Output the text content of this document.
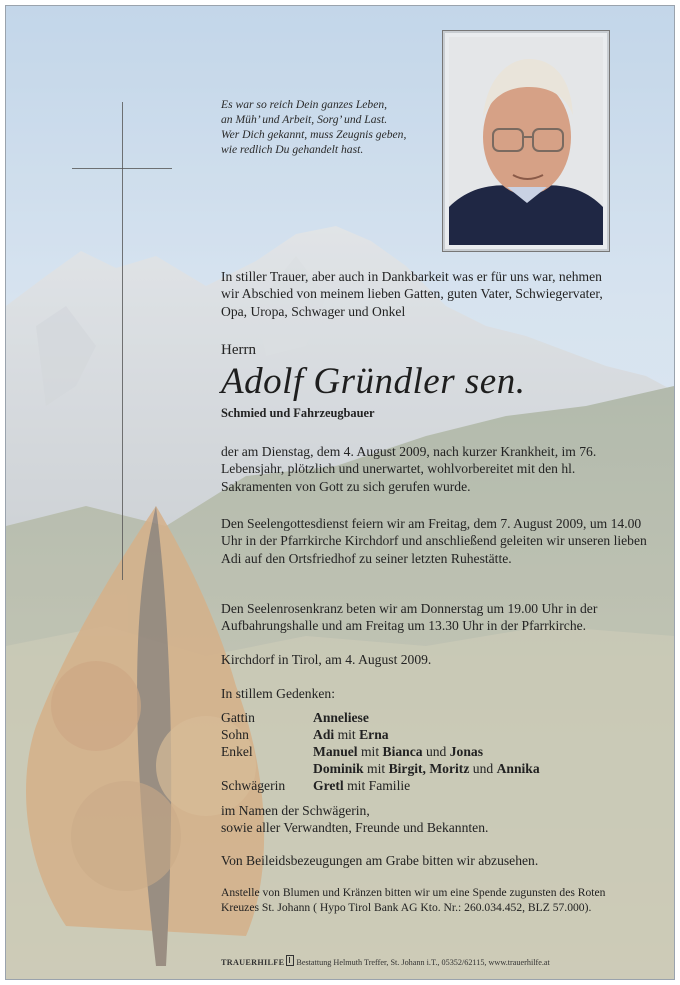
Es war so reich Dein ganzes Leben,
an Müh’ und Arbeit, Sorg’ und Last.
Wer Dich gekannt, muss Zeugnis geben,
wie redlich Du gehandelt hast.
In stiller Trauer, aber auch in Dankbarkeit was er für uns war, nehmen wir Abschied von meinem lieben Gatten, guten Vater, Schwiegervater, Opa, Uropa, Schwager und Onkel
Herrn
Adolf Gründler sen.
Schmied und Fahrzeugbauer
der am Dienstag, dem 4. August 2009, nach kurzer Krankheit, im 76. Lebensjahr, plötzlich und unerwartet, wohlvorbereitet mit den hl. Sakramenten von Gott zu sich gerufen wurde.
Den Seelengottesdienst feiern wir am Freitag, dem 7. August 2009, um 14.00 Uhr in der Pfarrkirche Kirchdorf und anschließend geleiten wir unseren lieben Adi auf den Ortsfriedhof zu seiner letzten Ruhestätte.
Den Seelenrosenkranz beten wir am Donnerstag um 19.00 Uhr in der Aufbahrungshalle und am Freitag um 13.30 Uhr in der Pfarrkirche.
Kirchdorf in Tirol, am 4. August 2009.
In stillem Gedenken:
Gattin	Anneliese
Sohn	Adi mit Erna
Enkel	Manuel mit Bianca und Jonas
Dominik mit Birgit, Moritz und Annika
Schwägerin	Gretl mit Familie
im Namen der Schwägerin,
sowie aller Verwandten, Freunde und Bekannten.
Von Beileidsbezeugungen am Grabe bitten wir abzusehen.
Anstelle von Blumen und Kränzen bitten wir um eine Spende zugunsten des Roten Kreuzes St. Johann ( Hypo Tirol Bank AG Kto. Nr.: 260.034.452, BLZ 57.000).
TRAUERHILFE Bestattung Helmuth Treffer, St. Johann i.T., 05352/62115, www.trauerhilfe.at
